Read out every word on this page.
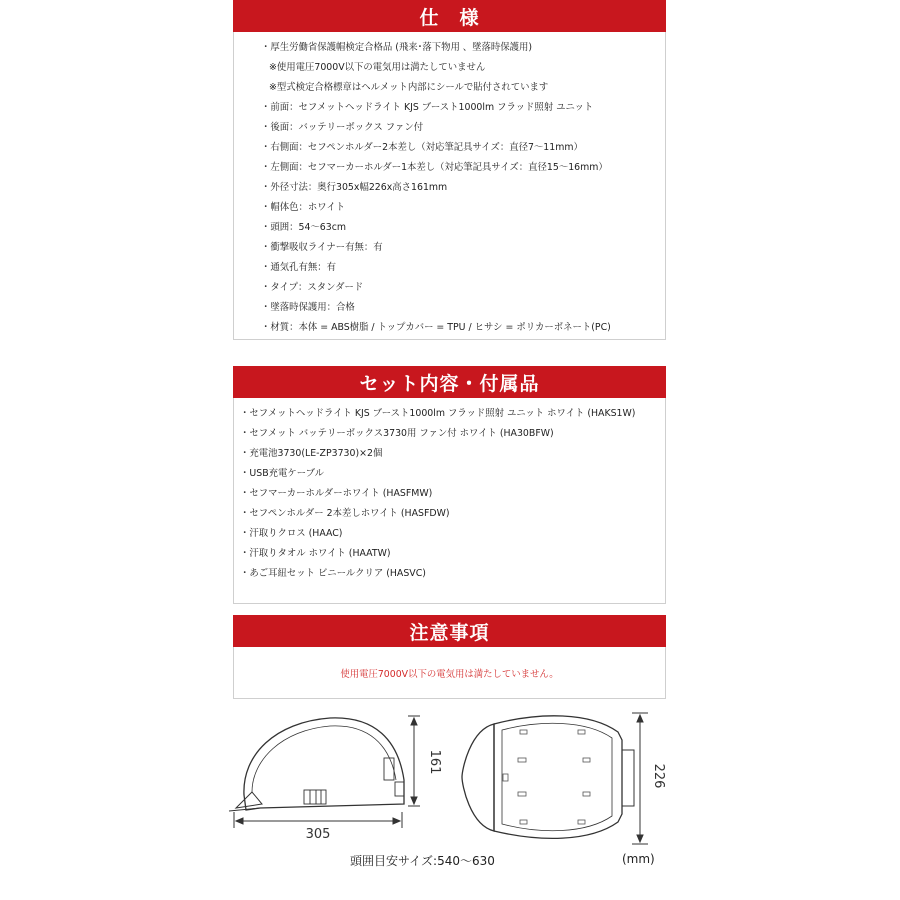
仕　様
・厚生労働省保護帽検定合格品 (飛来･落下物用 、墜落時保護用)
※使用電圧7000V以下の電気用は満たしていません
※型式検定合格標章はヘルメット内部にシールで貼付されています
・前面：セフメットヘッドライト KJS ブースト1000lm フラッド照射 ユニット
・後面：バッテリーボックス ファン付
・右側面：セフペンホルダー2本差し（対応筆記具サイズ：直径7〜11mm）
・左側面：セフマーカーホルダー1本差し（対応筆記具サイズ：直径15〜16mm）
・外径寸法：奥行305x幅226x高さ161mm
・帽体色：ホワイト
・頭囲：54〜63cm
・衝撃吸収ライナー有無：有
・通気孔有無：有
・タイプ：スタンダード
・墜落時保護用：合格
・材質：本体 = ABS樹脂 / トップカバー = TPU / ヒサシ = ポリカーボネート(PC)
セット内容・付属品
・セフメットヘッドライト KJS ブースト1000lm フラッド照射 ユニット ホワイト (HAKS1W)
・セフメット バッテリーボックス3730用 ファン付 ホワイト (HA30BFW)
・充電池3730(LE-ZP3730)×2個
・USB充電ケーブル
・セフマーカーホルダーホワイト (HASFMW)
・セフペンホルダー 2本差しホワイト (HASFDW)
・汗取りクロス (HAAC)
・汗取りタオル ホワイト (HAATW)
・あご耳紐セット ビニールクリア (HASVC)
注意事項
使用電圧7000V以下の電気用は満たしていません。
305
161
226
頭囲目安サイズ:540〜630	(mm)
